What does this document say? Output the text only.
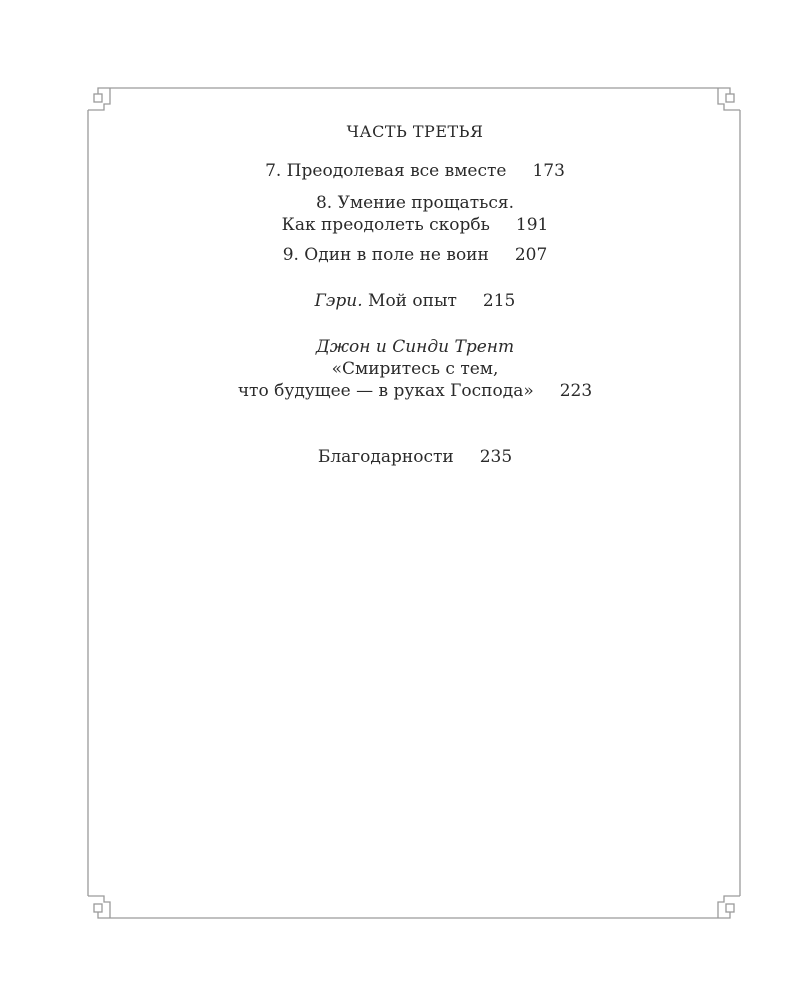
ЧАСТЬ ТРЕТЬЯ
7. Преодолевая все вместе 173
8. Умение прощаться.
Как преодолеть скорбь 191
9. Один в поле не воин 207
Гэри. Мой опыт 215
Джон и Синди Трент
«Смиритесь с тем,
что будущее — в руках Господа» 223
Благодарности 235
